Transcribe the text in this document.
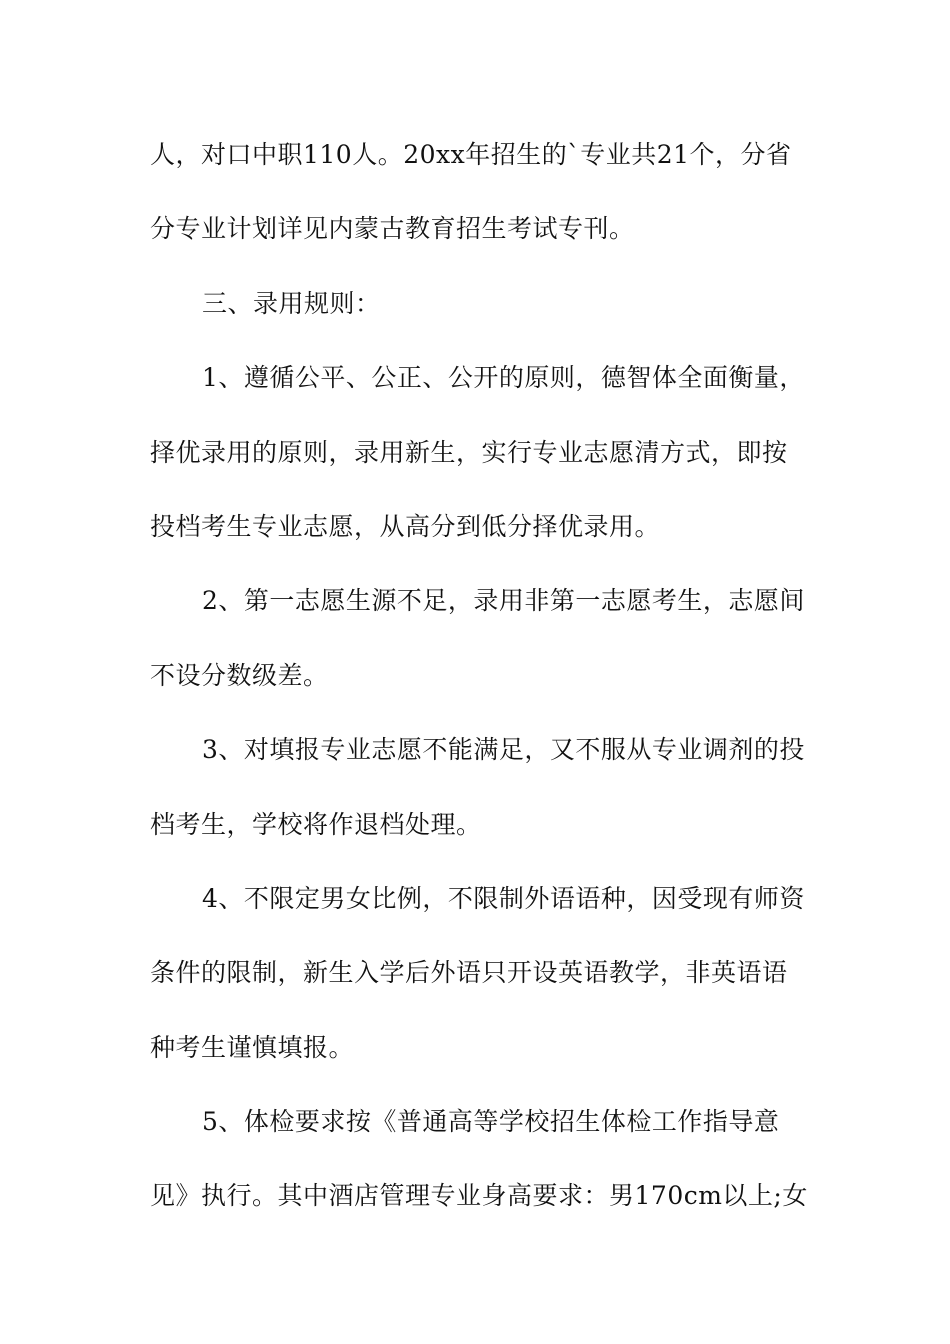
人，对口中职110人。20xx年招生的`专业共21个，分省
分专业计划详见内蒙古教育招生考试专刊。
三、录用规则：
1、遵循公平、公正、公开的原则，德智体全面衡量，
择优录用的原则，录用新生，实行专业志愿清方式，即按
投档考生专业志愿，从高分到低分择优录用。
2、第一志愿生源不足，录用非第一志愿考生，志愿间
不设分数级差。
3、对填报专业志愿不能满足，又不服从专业调剂的投
档考生，学校将作退档处理。
4、不限定男女比例，不限制外语语种，因受现有师资
条件的限制，新生入学后外语只开设英语教学，非英语语
种考生谨慎填报。
5、体检要求按《普通高等学校招生体检工作指导意
见》执行。其中酒店管理专业身高要求：男170cm以上;女
